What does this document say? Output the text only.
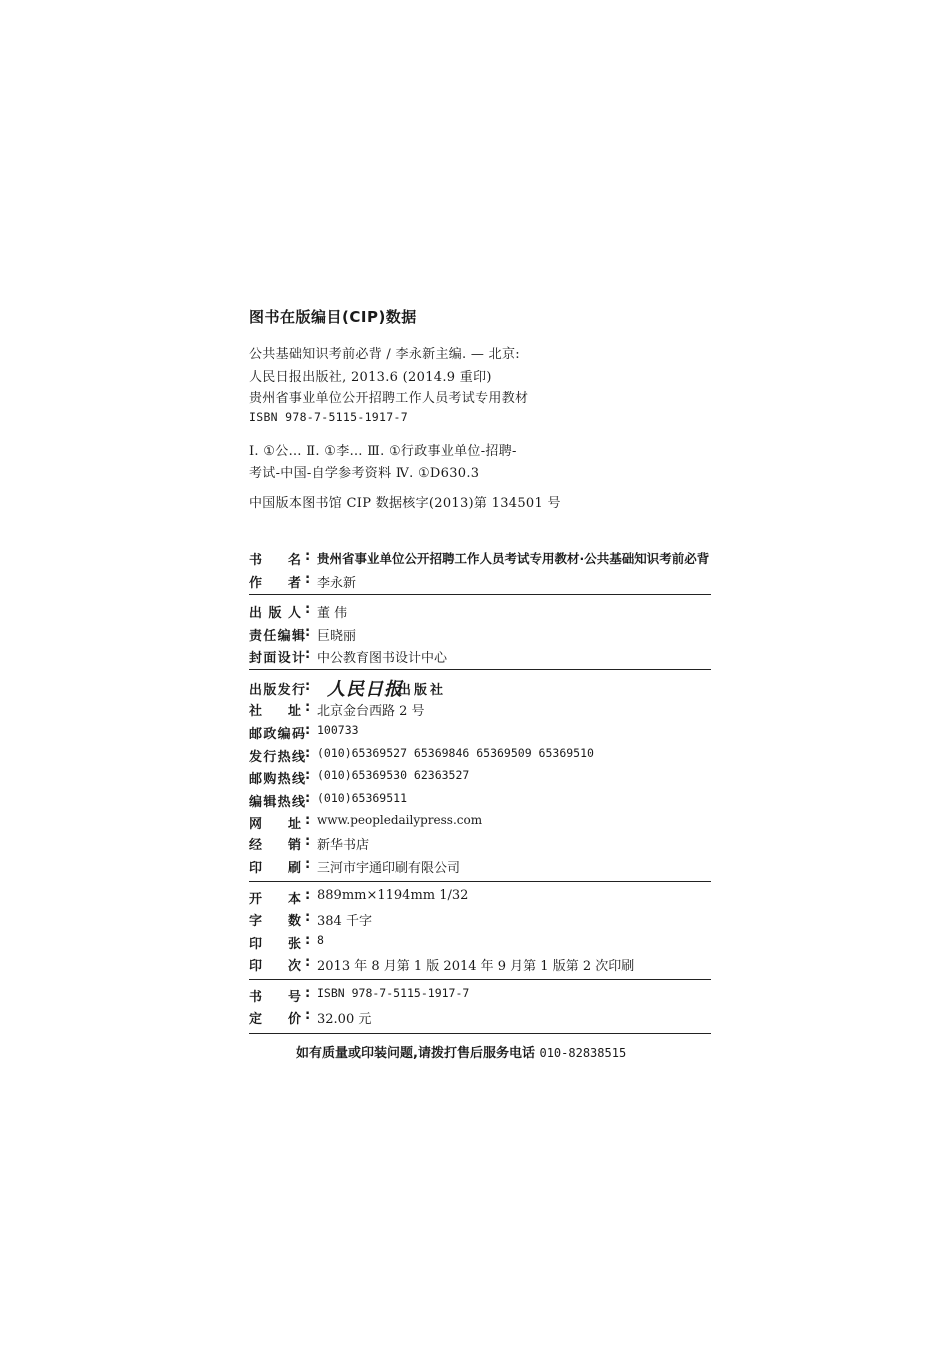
图书在版编目(CIP)数据
公共基础知识考前必背 / 李永新主编. — 北京:
人民日报出版社, 2013.6 (2014.9 重印)
贵州省事业单位公开招聘工作人员考试专用教材
ISBN 978-7-5115-1917-7
Ⅰ. ①公… Ⅱ. ①李… Ⅲ. ①行政事业单位-招聘-
考试-中国-自学参考资料 Ⅳ. ①D630.3
中国版本图书馆 CIP 数据核字(2013)第 134501 号
书 名 : 贵州省事业单位公开招聘工作人员考试专用教材·公共基础知识考前必背
作 者 : 李永新
出 版 人 : 董 伟
责 任 编 辑 : 巨晓丽
封 面 设 计 : 中公教育图书设计中心
出 版 发 行 : 人民日报
出版社
社 址 : 北京金台西路 2 号
邮 政 编 码 : 100733
发 行 热 线 : (010)65369527 65369846 65369509 65369510
邮 购 热 线 : (010)65369530 62363527
编 辑 热 线 : (010)65369511
网 址 : www.peopledailypress.com
经 销 : 新华书店
印 刷 : 三河市宇通印刷有限公司
开 本 : 889mm×1194mm 1/32
字 数 : 384 千字
印 张 : 8
印 次 : 2013 年 8 月第 1 版 2014 年 9 月第 1 版第 2 次印刷
书 号 : ISBN 978-7-5115-1917-7
定 价 : 32.00 元
如有质量或印装问题,请拨打售后服务电话 010-82838515
